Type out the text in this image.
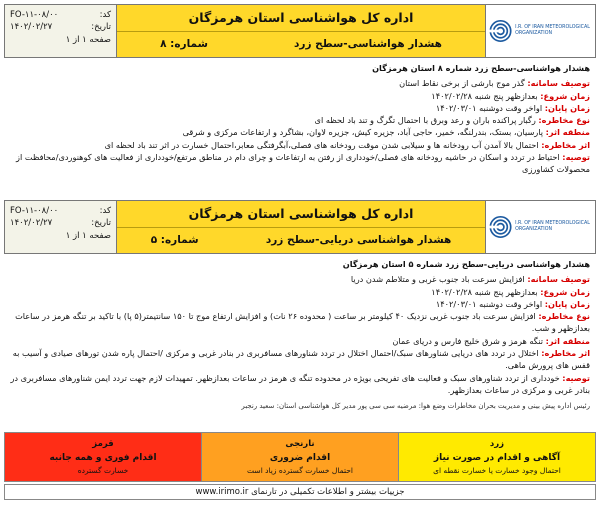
کد:
FO-۱۱-۰۸/۰۰
تاریخ:
۱۴۰۲/۰۲/۲۷
صفحه ۱ از ۱
اداره کل هواشناسی استان هرمزگان
هشدار هواشناسی-سطح زرد
شماره: ۸
I.R. OF IRAN METEOROLOGICAL ORGANIZATION
هشدار هواشناسی-سطح زرد شماره ۸ استان هرمزگان

توصیف سامانه: گذر موج بارشی از برخی نقاط استان

زمان شروع: بعدازظهر پنج شنبه ۱۴۰۲/۰۲/۲۸

زمان پایان: اواخر وقت دوشنبه ۱۴۰۲/۰۳/۰۱

نوع مخاطره: رگبار پراکنده باران و رعد وبرق با احتمال تگرگ و تند باد لحظه ای

منطقه اثر: پارسیان، بستک، بندرلنگه، خمیر، حاجی آباد، جزیره کیش، جزیره لاوان، بشاگرد و ارتفاعات مرکزی و شرقی

اثر مخاطره: احتمال بالا آمدن آب رودخانه ها و سیلابی شدن موقت رودخانه های فصلی،آبگرفتگی معابر،احتمال خسارت در اثر تند باد لحظه ای

توصیه: احتیاط در تردد و اسکان در حاشیه رودخانه های فصلی/خودداری از رفتن به ارتفاعات و چرای دام در مناطق مرتفع/خودداری از فعالیت های کوهنوردی/محافظت از محصولات کشاورزی

کد:
FO-۱۱-۰۸/۰۰
تاریخ:
۱۴۰۲/۰۲/۲۷
صفحه ۱ از ۱
اداره کل هواشناسی استان هرمزگان
هشدار هواشناسی دریایی-سطح زرد
شماره: ۵
I.R. OF IRAN METEOROLOGICAL ORGANIZATION
هشدار هواشناسی دریایی-سطح زرد شماره ۵ استان هرمزگان

توصیف سامانه: افزایش سرعت باد جنوب غربی و متلاطم شدن دریا

زمان شروع: بعدازظهر پنج شنبه ۱۴۰۲/۰۲/۲۸

زمان پایان: اواخر وقت دوشنبه ۱۴۰۲/۰۳/۰۱

نوع مخاطره: افزایش سرعت باد جنوب غربی نزدیک ۴۰ کیلومتر بر ساعت ( محدوده ۲۶ نات) و افزایش ارتفاع موج تا ۱۵۰ سانتیمتر(۵ پا) با تاکید بر تنگه هرمز در ساعات بعدازظهر و شب.

منطقه اثر: تنگه هرمز و شرق خلیج فارس و دریای عمان

اثر مخاطره: اختلال در تردد های دریایی شناورهای سبک/احتمال اختلال در تردد شناورهای مسافربری در بنادر غربی و مرکزی /احتمال پاره شدن تورهای صیادی و آسیب به قفس های پرورش ماهی.

توصیه: خودداری از تردد شناورهای سبک و فعالیت های تفریحی بویژه در محدوده تنگه ی هرمز در ساعات بعدازظهر. تمهیدات لازم جهت تردد ایمن شناورهای مسافربری در بنادر غربی و مرکزی در ساعات بعدازظهر.

رئیس اداره پیش بینی و مدیریت بحران مخاطرات وضع هوا: مرضیه سی سی پور مدیر کل هواشناسی استان: سعید رنجبر
زرد
آگاهی و اقدام در صورت نیاز
احتمال وجود خسارت یا خسارت نقطه ای
نارنجی
اقدام ضروری
احتمال خسارت گسترده زیاد است
قرمز
اقدام فوری و همه جانبه
خسارت گسترده
جزییات بیشتر و اطلاعات تکمیلی در تارنمای www.irimo.ir
